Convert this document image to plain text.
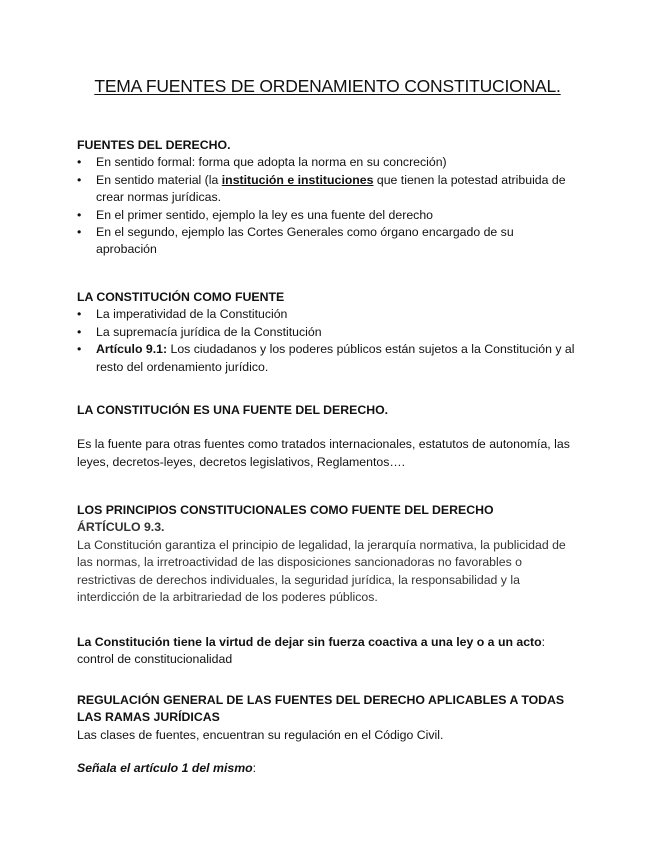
TEMA FUENTES DE ORDENAMIENTO CONSTITUCIONAL.
FUENTES DEL DERECHO.
• En sentido formal: forma que adopta la norma en su concreción)
• En sentido material (la institución e instituciones que tienen la potestad atribuida de crear normas jurídicas.
• En el primer sentido, ejemplo la ley es una fuente del derecho
• En el segundo, ejemplo las Cortes Generales como órgano encargado de su aprobación
LA CONSTITUCIÓN COMO FUENTE
• La imperatividad de la Constitución
• La supremacía jurídica de la Constitución
• Artículo 9.1: Los ciudadanos y los poderes públicos están sujetos a la Constitución y al resto del ordenamiento jurídico.
LA CONSTITUCIÓN ES UNA FUENTE DEL DERECHO.
Es la fuente para otras fuentes como tratados internacionales, estatutos de autonomía, las leyes, decretos-leyes, decretos legislativos, Reglamentos….
LOS PRINCIPIOS CONSTITUCIONALES COMO FUENTE DEL DERECHO
ÁRTÍCULO 9.3.
La Constitución garantiza el principio de legalidad, la jerarquía normativa, la publicidad de las normas, la irretroactividad de las disposiciones sancionadoras no favorables o restrictivas de derechos individuales, la seguridad jurídica, la responsabilidad y la interdicción de la arbitrariedad de los poderes públicos.
La Constitución tiene la virtud de dejar sin fuerza coactiva a una ley o a un acto:
control de constitucionalidad
REGULACIÓN GENERAL DE LAS FUENTES DEL DERECHO APLICABLES A TODAS LAS RAMAS JURÍDICAS
Las clases de fuentes, encuentran su regulación en el Código Civil.
Señala el artículo 1 del mismo:
